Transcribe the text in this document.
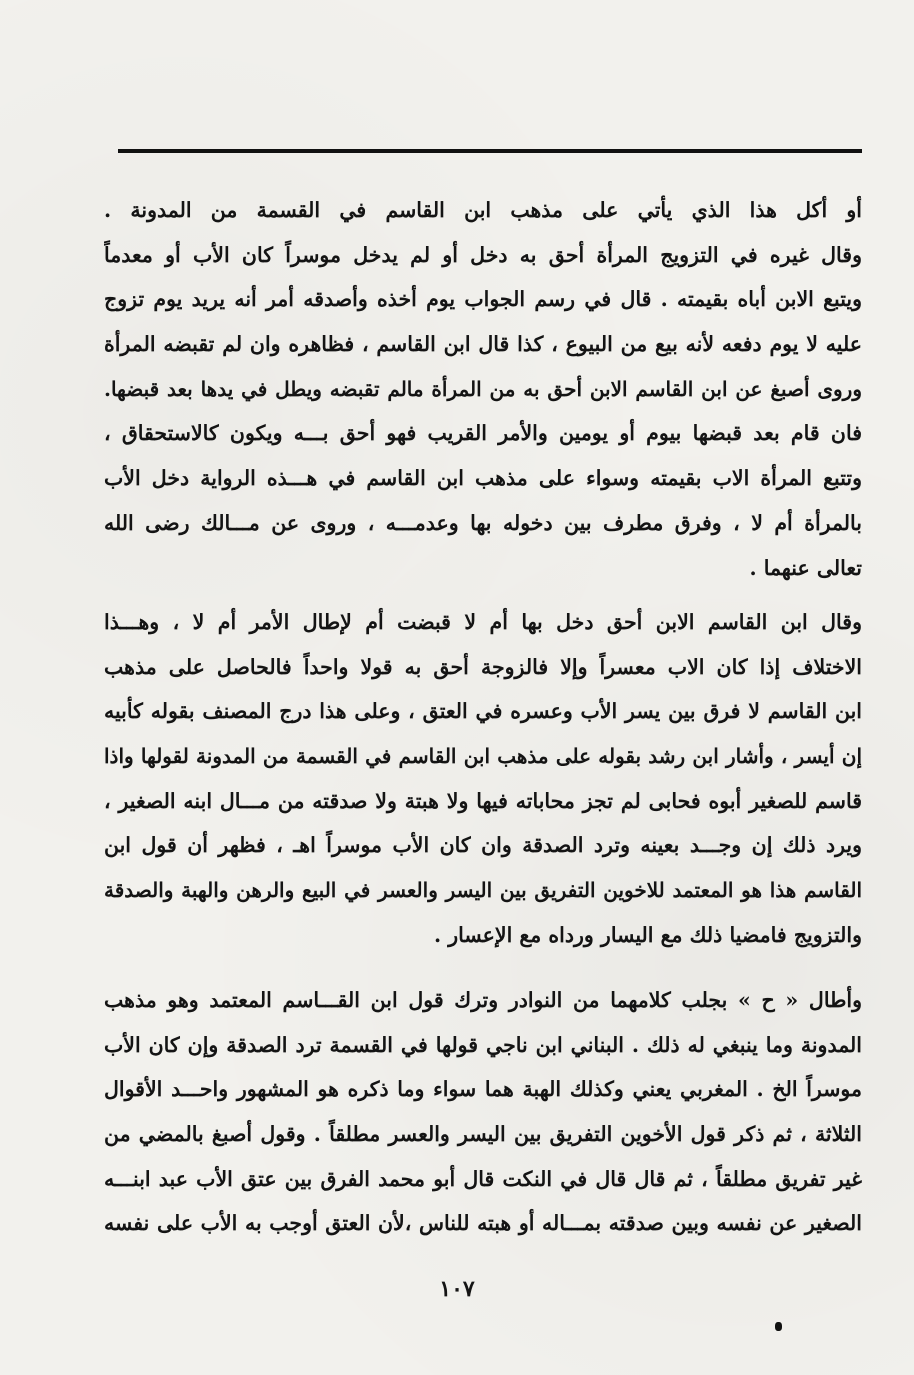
أو أكل هذا الذي يأتي على مذهب ابن القاسم في القسمة من المدونة .
وقال غيره في التزويج المرأة أحق به دخل أو لم يدخل موسراً كان الأب أو معدماً
ويتبع الابن أباه بقيمته . قال في رسم الجواب يوم أخذه وأصدقه أمر أنه يريد يوم تزوج
عليه لا يوم دفعه لأنه بيع من البيوع ، كذا قال ابن القاسم ، فظاهره وان لم تقبضه المرأة
وروى أصبغ عن ابن القاسم الابن أحق به من المرأة مالم تقبضه ويطل في يدها بعد قبضها.
فان قام بعد قبضها بيوم أو يومين والأمر القريب فهو أحق بـــه ويكون كالاستحقاق ،
وتتبع المرأة الاب بقيمته وسواء على مذهب ابن القاسم في هـــذه الرواية دخل الأب
بالمرأة أم لا ، وفرق مطرف بين دخوله بها وعدمـــه ، وروى عن مـــالك رضى الله
تعالى عنهما .
وقال ابن القاسم الابن أحق دخل بها أم لا قبضت أم لإطال الأمر أم لا ، وهـــذا
الاختلاف إذا كان الاب معسراً وإلا فالزوجة أحق به قولا واحداً فالحاصل على مذهب
ابن القاسم لا فرق بين يسر الأب وعسره في العتق ، وعلى هذا درج المصنف بقوله كأبيه
إن أيسر ، وأشار ابن رشد بقوله على مذهب ابن القاسم في القسمة من المدونة لقولها واذا
قاسم للصغير أبوه فحابى لم تجز محاباته فيها ولا هبتة ولا صدقته من مـــال ابنه الصغير ،
ويرد ذلك إن وجـــد بعينه وترد الصدقة وان كان الأب موسراً اهـ ، فظهر أن قول ابن
القاسم هذا هو المعتمد للاخوين التفريق بين اليسر والعسر في البيع والرهن والهبة والصدقة
والتزويج فامضيا ذلك مع اليسار ورداه مع الإعسار .
وأطال « ح » بجلب كلامهما من النوادر وترك قول ابن القـــاسم المعتمد وهو مذهب
المدونة وما ينبغي له ذلك . البناني ابن ناجي قولها في القسمة ترد الصدقة وإن كان الأب
موسراً الخ . المغربي يعني وكذلك الهبة هما سواء وما ذكره هو المشهور واحـــد الأقوال
الثلاثة ، ثم ذكر قول الأخوين التفريق بين اليسر والعسر مطلقاً . وقول أصبغ بالمضي من
غير تفريق مطلقاً ، ثم قال قال في النكت قال أبو محمد الفرق بين عتق الأب عبد ابنـــه
الصغير عن نفسه وبين صدقته بمـــاله أو هبته للناس ،لأن العتق أوجب به الأب على نفسه
١٠٧
